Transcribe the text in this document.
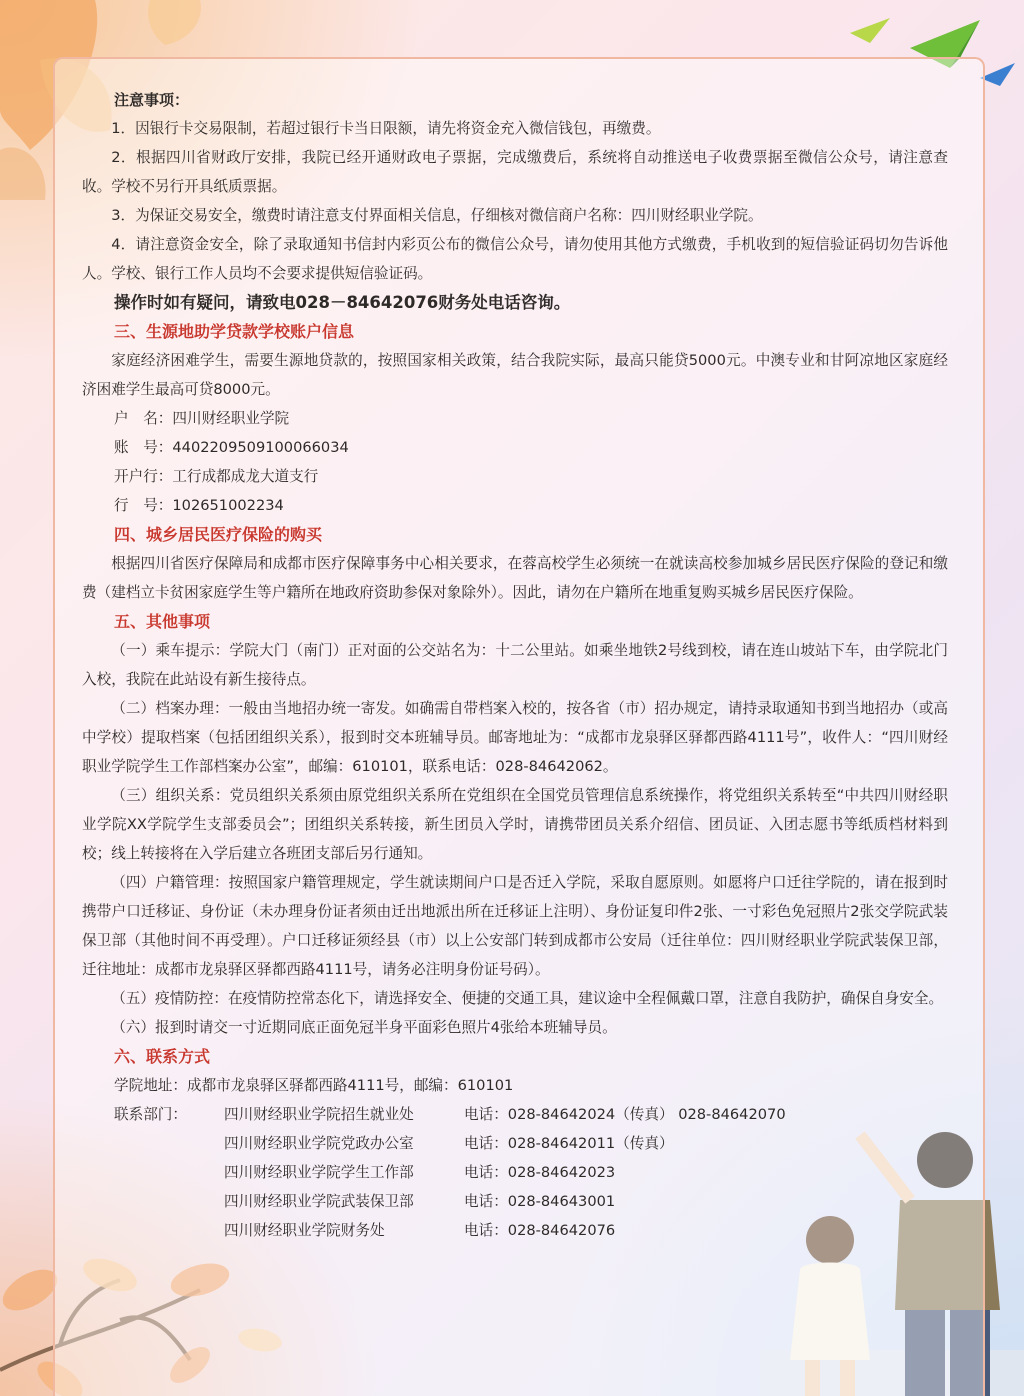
注意事项：

1．因银行卡交易限制，若超过银行卡当日限额，请先将资金充入微信钱包，再缴费。

2．根据四川省财政厅安排，我院已经开通财政电子票据，完成缴费后，系统将自动推送电子收费票据至微信公众号，请注意查收。学校不另行开具纸质票据。

3．为保证交易安全，缴费时请注意支付界面相关信息，仔细核对微信商户名称：四川财经职业学院。

4．请注意资金安全，除了录取通知书信封内彩页公布的微信公众号，请勿使用其他方式缴费，手机收到的短信验证码切勿告诉他人。学校、银行工作人员均不会要求提供短信验证码。

操作时如有疑问，请致电028－84642076财务处电话咨询。

三、生源地助学贷款学校账户信息

家庭经济困难学生，需要生源地贷款的，按照国家相关政策，结合我院实际，最高只能贷5000元。中澳专业和甘阿凉地区家庭经济困难学生最高可贷8000元。

户　名：四川财经职业学院
账　号：4402209509100066034
开户行：工行成都成龙大道支行
行　号：102651002234

四、城乡居民医疗保险的购买

根据四川省医疗保障局和成都市医疗保障事务中心相关要求，在蓉高校学生必须统一在就读高校参加城乡居民医疗保险的登记和缴费（建档立卡贫困家庭学生等户籍所在地政府资助参保对象除外）。因此，请勿在户籍所在地重复购买城乡居民医疗保险。

五、其他事项

（一）乘车提示：学院大门（南门）正对面的公交站名为：十二公里站。如乘坐地铁2号线到校，请在连山坡站下车，由学院北门入校，我院在此站设有新生接待点。

（二）档案办理：一般由当地招办统一寄发。如确需自带档案入校的，按各省（市）招办规定，请持录取通知书到当地招办（或高中学校）提取档案（包括团组织关系），报到时交本班辅导员。邮寄地址为：“成都市龙泉驿区驿都西路4111号”，收件人：“四川财经职业学院学生工作部档案办公室”，邮编：610101，联系电话：028-84642062。

（三）组织关系：党员组织关系须由原党组织关系所在党组织在全国党员管理信息系统操作，将党组织关系转至“中共四川财经职业学院XX学院学生支部委员会”；团组织关系转接，新生团员入学时，请携带团员关系介绍信、团员证、入团志愿书等纸质档材料到校；线上转接将在入学后建立各班团支部后另行通知。

（四）户籍管理：按照国家户籍管理规定，学生就读期间户口是否迁入学院，采取自愿原则。如愿将户口迁往学院的，请在报到时携带户口迁移证、身份证（未办理身份证者须由迁出地派出所在迁移证上注明）、身份证复印件2张、一寸彩色免冠照片2张交学院武装保卫部（其他时间不再受理）。户口迁移证须经县（市）以上公安部门转到成都市公安局（迁往单位：四川财经职业学院武装保卫部，迁往地址：成都市龙泉驿区驿都西路4111号，请务必注明身份证号码）。

（五）疫情防控：在疫情防控常态化下，请选择安全、便捷的交通工具，建议途中全程佩戴口罩，注意自我防护，确保自身安全。

（六）报到时请交一寸近期同底正面免冠半身平面彩色照片4张给本班辅导员。

六、联系方式

学院地址：成都市龙泉驿区驿都西路4111号，邮编：610101
联系部门：	四川财经职业学院招生就业处	电话：028-84642024（传真） 028-84642070
四川财经职业学院党政办公室	电话：028-84642011（传真）
四川财经职业学院学生工作部	电话：028-84642023
四川财经职业学院武装保卫部	电话：028-84643001
四川财经职业学院财务处	电话：028-84642076
